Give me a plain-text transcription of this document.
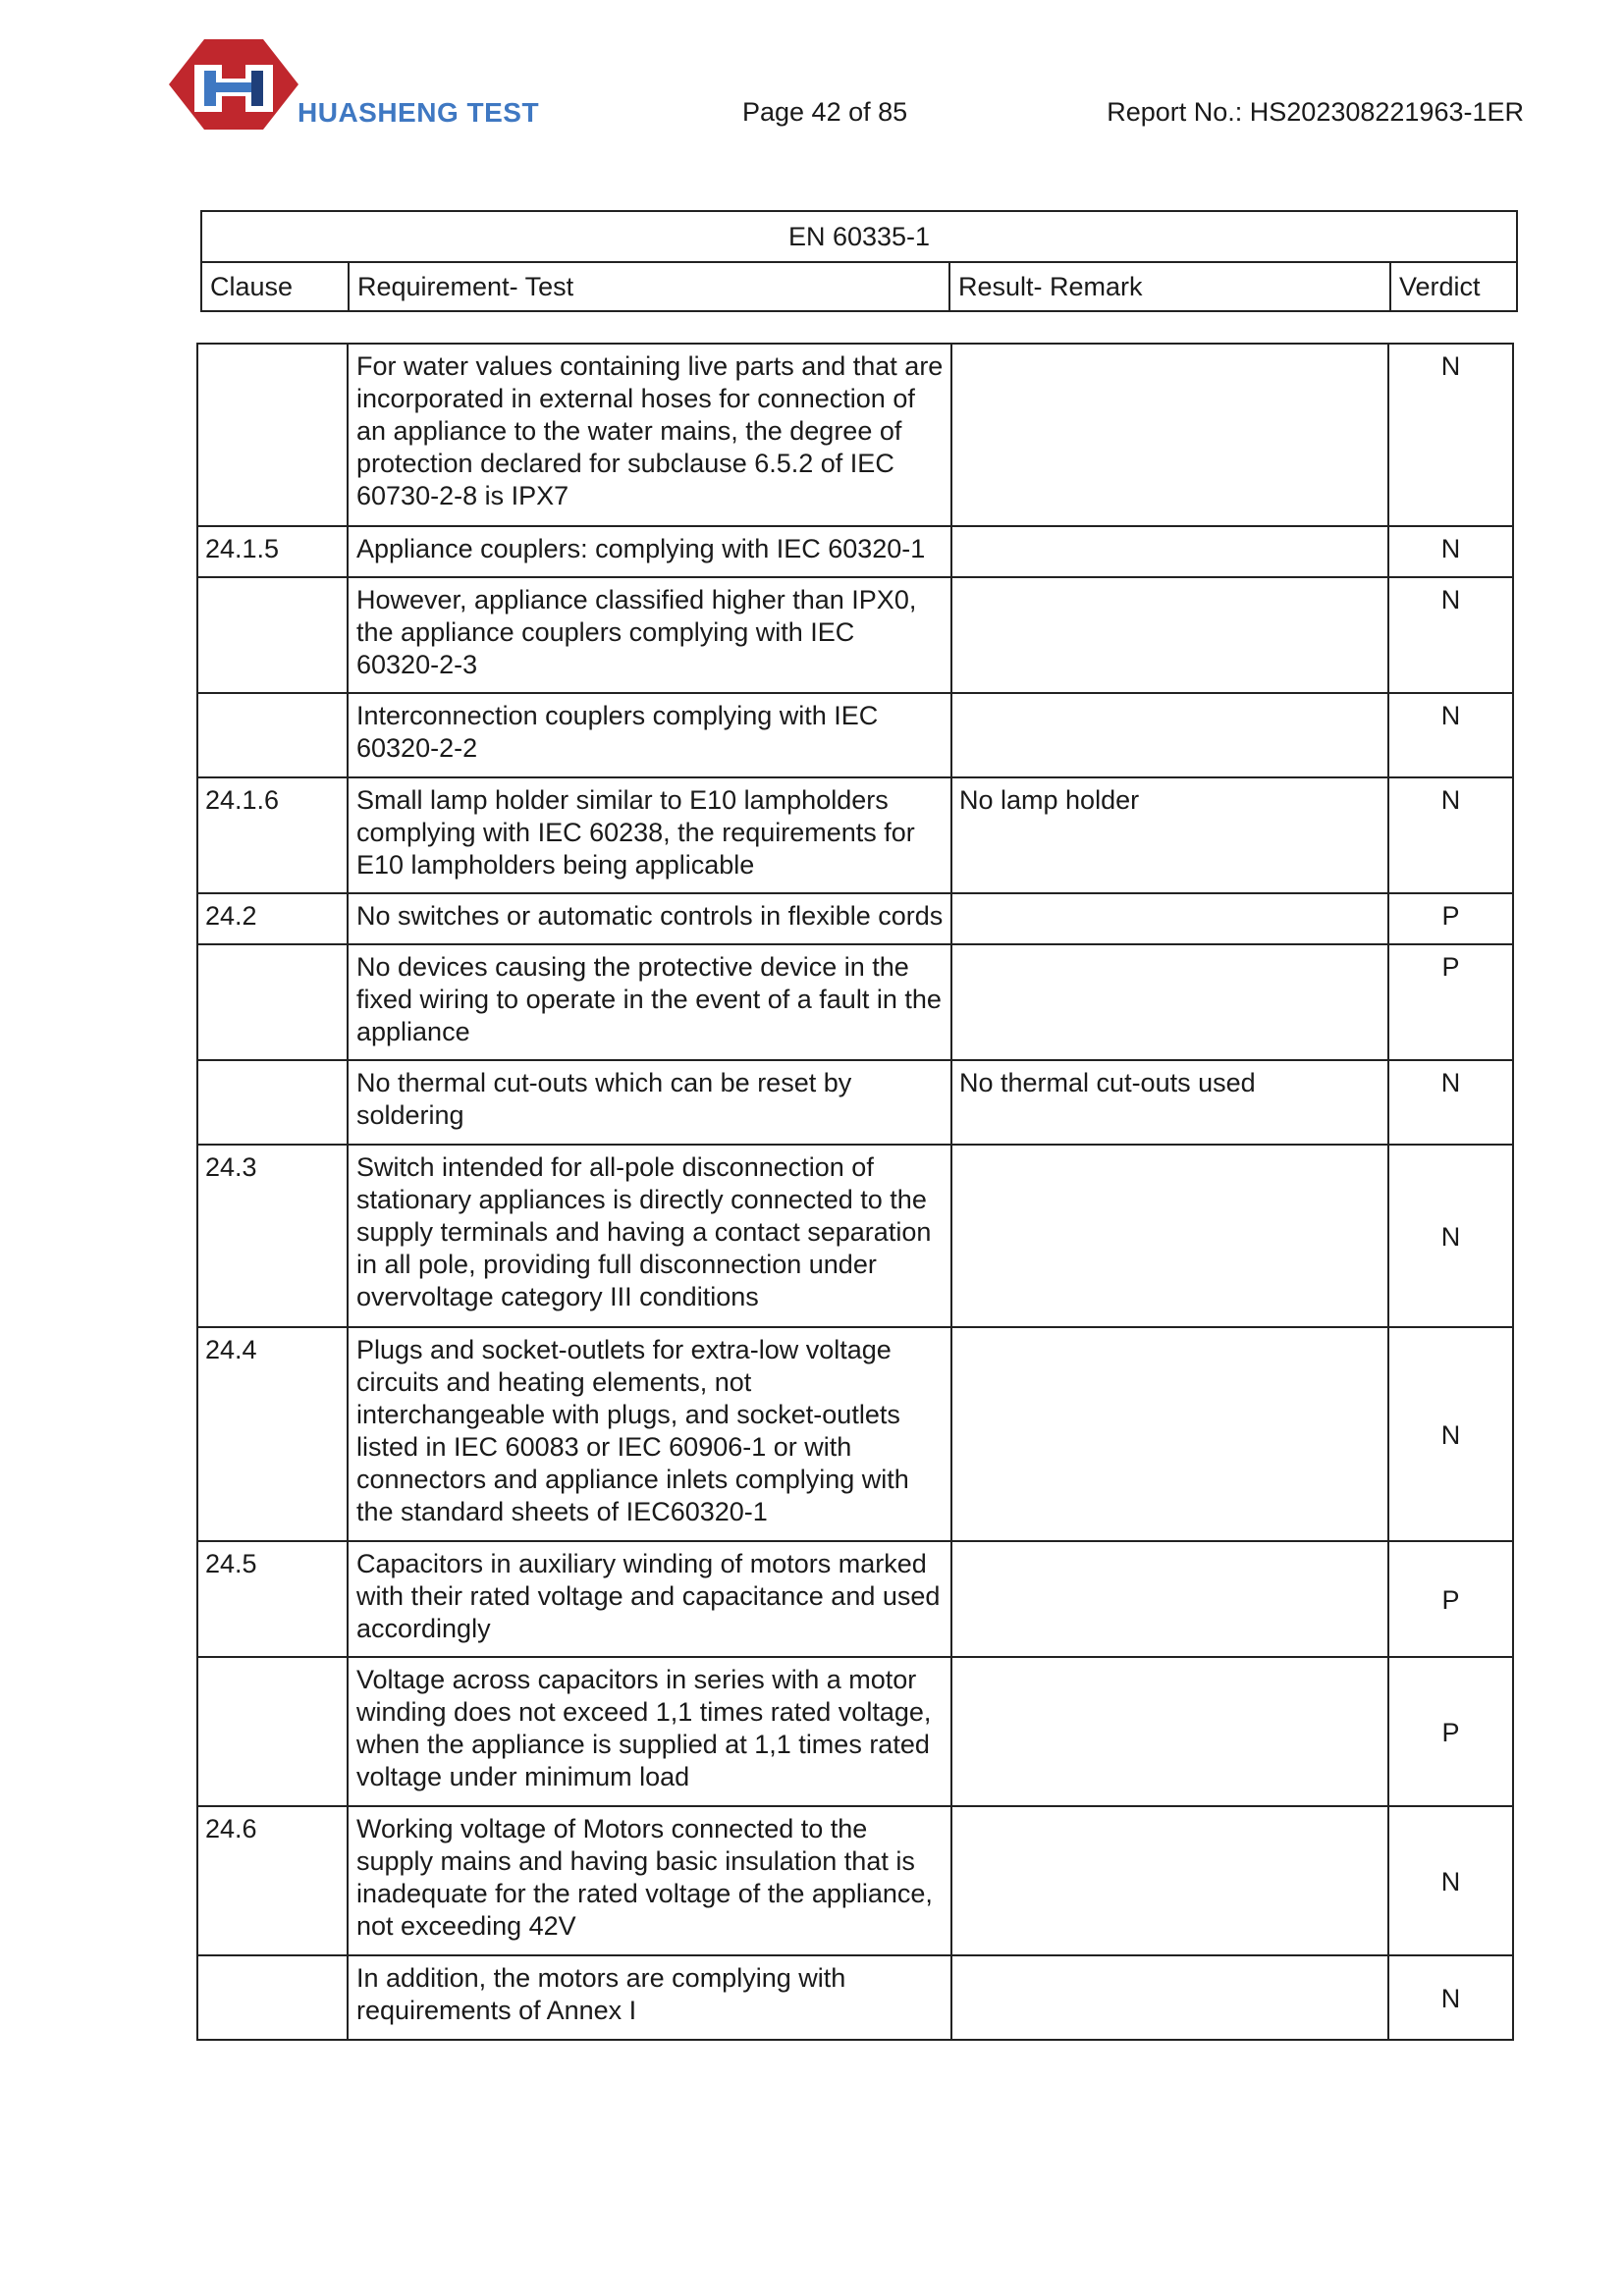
HUASHENG TEST	Page 42 of 85	Report No.: HS202308221963-1ER
EN 60335-1
Clause	Requirement- Test	Result- Remark	Verdict
	For water values containing live parts and that are incorporated in external hoses for connection of an appliance to the water mains, the degree of protection declared for subclause 6.5.2 of IEC 60730-2-8 is IPX7		N
24.1.5	Appliance couplers: complying with IEC 60320-1		N
	However, appliance classified higher than IPX0, the appliance couplers complying with IEC 60320-2-3		N
	Interconnection couplers complying with IEC 60320-2-2		N
24.1.6	Small lamp holder similar to E10 lampholders complying with IEC 60238, the requirements for E10 lampholders being applicable	No lamp holder	N
24.2	No switches or automatic controls in flexible cords		P
	No devices causing the protective device in the fixed wiring to operate in the event of a fault in the appliance		P
	No thermal cut-outs which can be reset by soldering	No thermal cut-outs used	N
24.3	Switch intended for all-pole disconnection of stationary appliances is directly connected to the supply terminals and having a contact separation in all pole, providing full disconnection under overvoltage category III conditions		N
24.4	Plugs and socket-outlets for extra-low voltage circuits and heating elements, not interchangeable with plugs, and socket-outlets listed in IEC 60083 or IEC 60906-1 or with connectors and appliance inlets complying with the standard sheets of IEC60320-1		N
24.5	Capacitors in auxiliary winding of motors marked with their rated voltage and capacitance and used accordingly		P
	Voltage across capacitors in series with a motor winding does not exceed 1,1 times rated voltage, when the appliance is supplied at 1,1 times rated voltage under minimum load		P
24.6	Working voltage of Motors connected to the supply mains and having basic insulation that is inadequate for the rated voltage of the appliance, not exceeding 42V		N
	In addition, the motors are complying with requirements of Annex I		N
